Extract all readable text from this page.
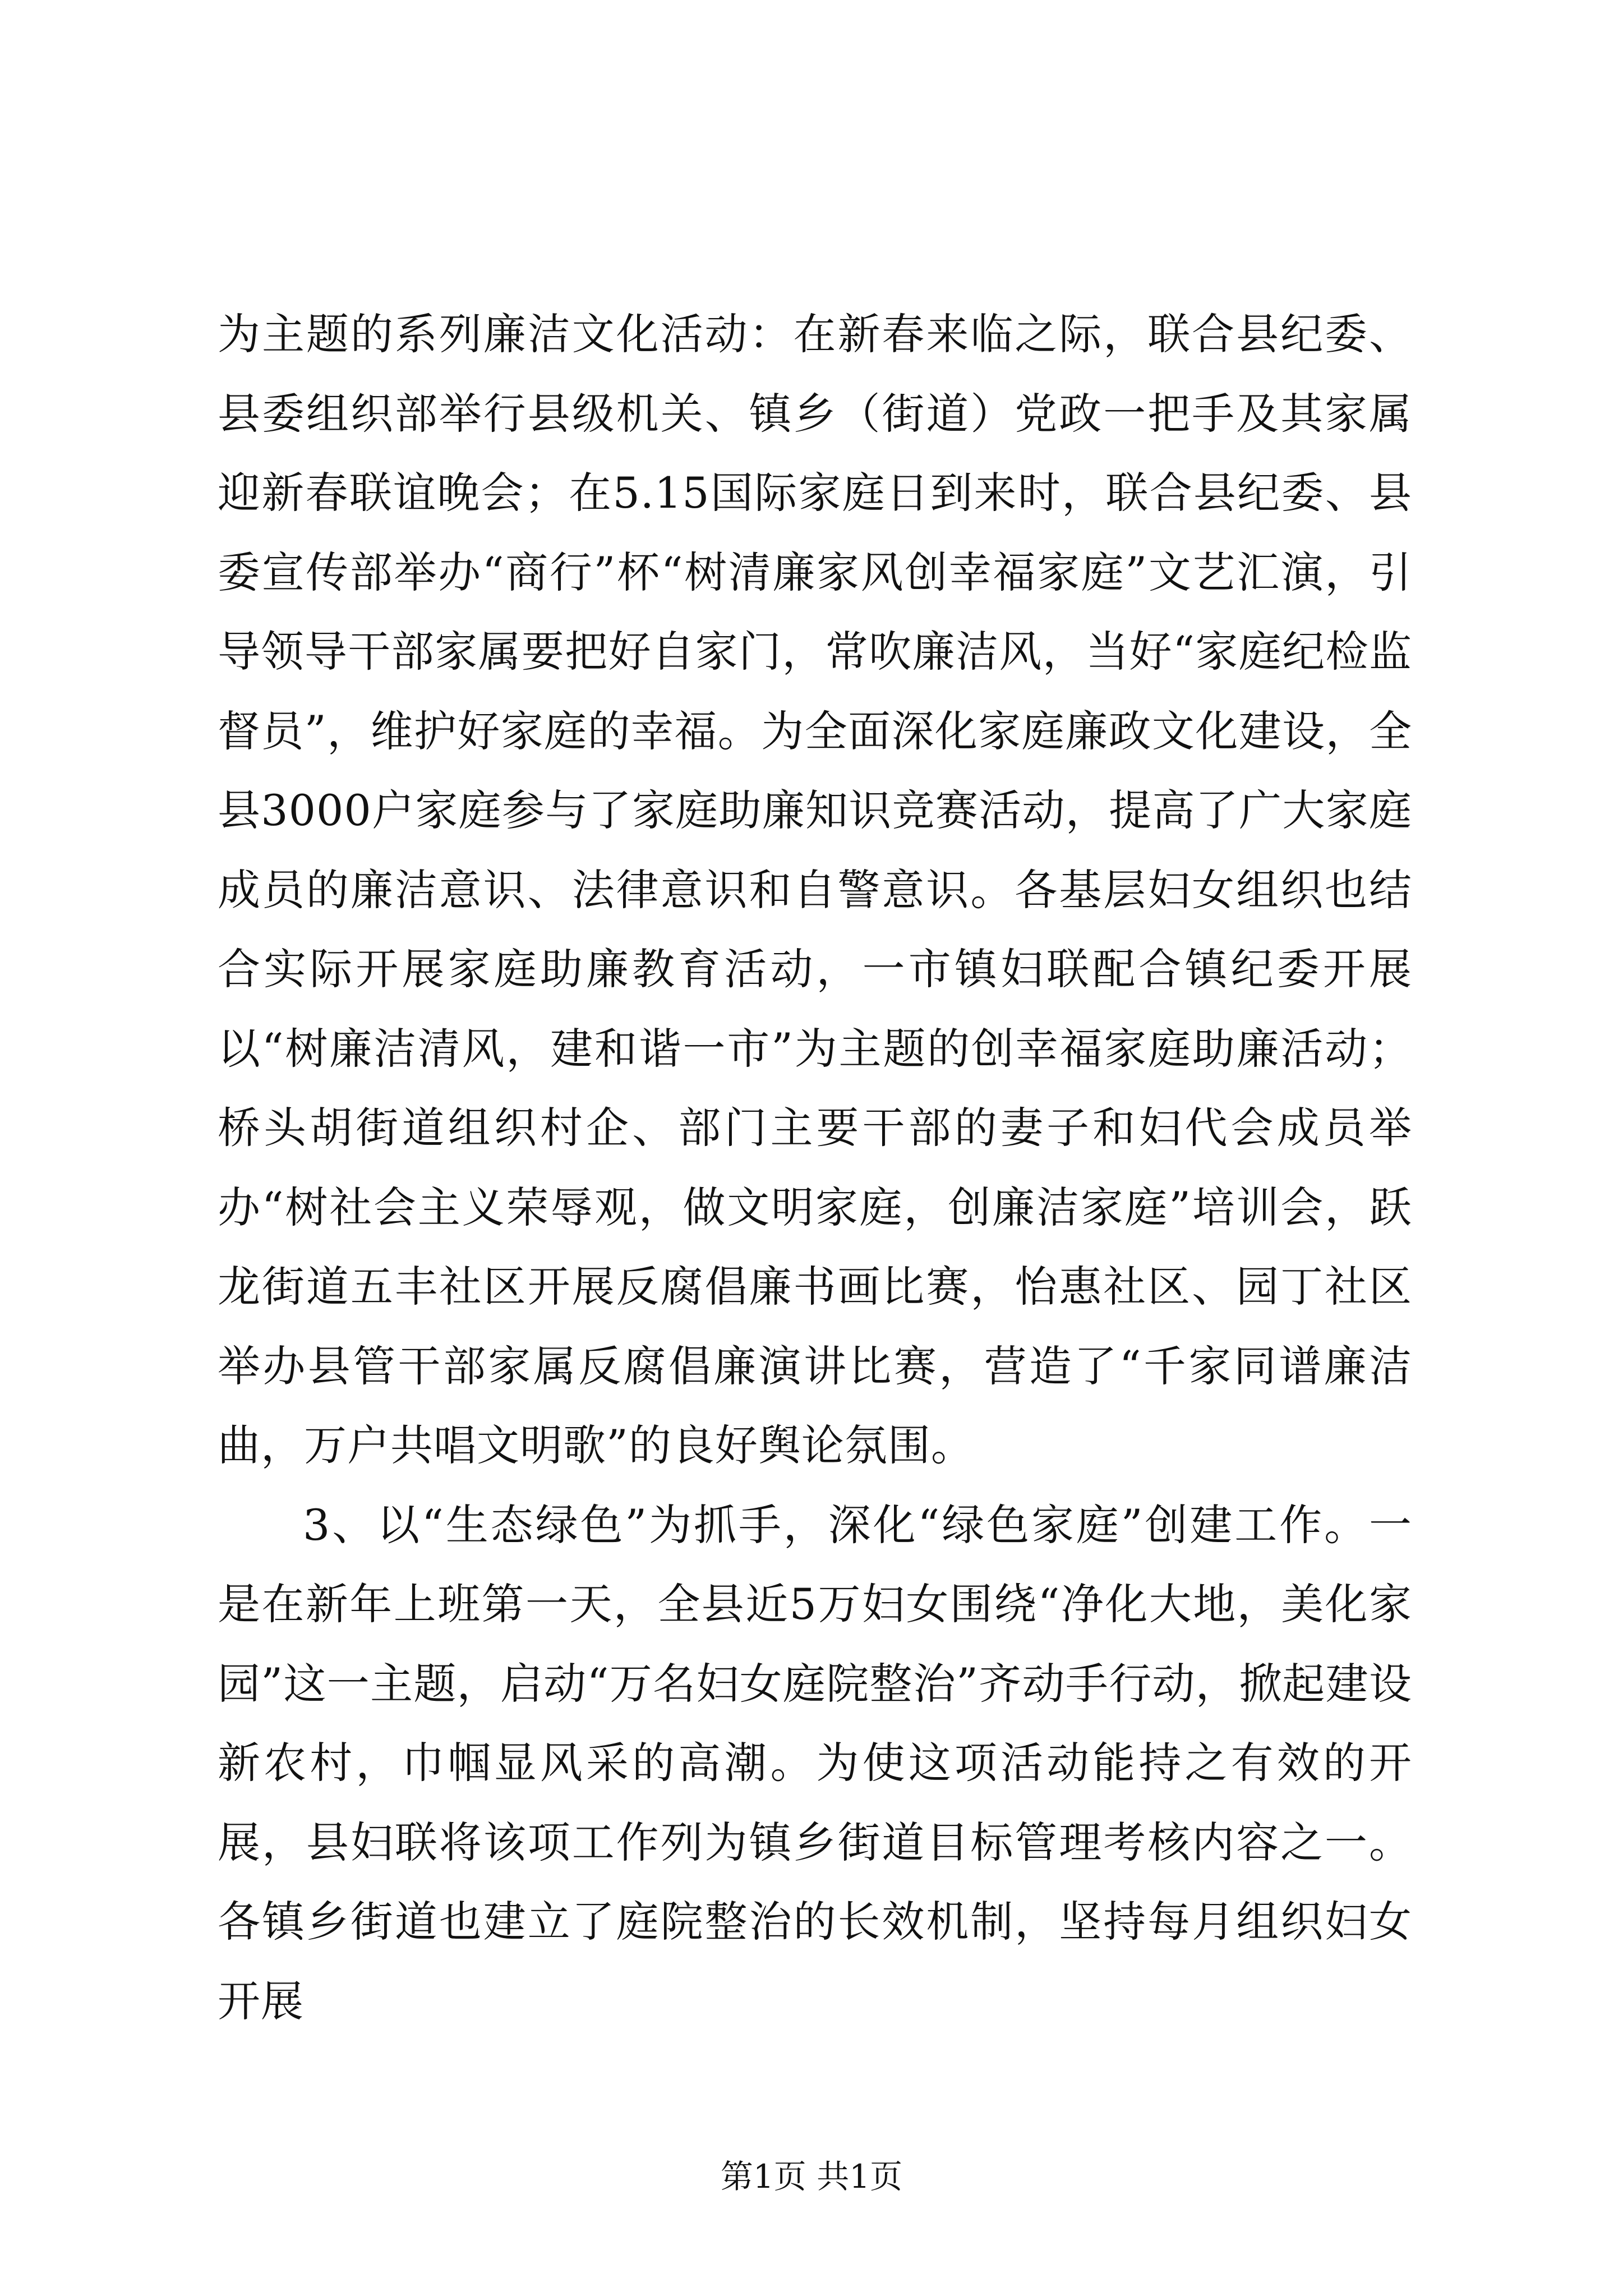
为主题的系列廉洁文化活动：在新春来临之际，联合县纪委、县委组织部举行县级机关、镇乡（街道）党政一把手及其家属迎新春联谊晚会；在5.15国际家庭日到来时，联合县纪委、县委宣传部举办“商行”杯“树清廉家风创幸福家庭”文艺汇演，引导领导干部家属要把好自家门，常吹廉洁风，当好“家庭纪检监督员”，维护好家庭的幸福。为全面深化家庭廉政文化建设，全县3000户家庭参与了家庭助廉知识竞赛活动，提高了广大家庭成员的廉洁意识、法律意识和自警意识。各基层妇女组织也结合实际开展家庭助廉教育活动，一市镇妇联配合镇纪委开展以“树廉洁清风，建和谐一市”为主题的创幸福家庭助廉活动；桥头胡街道组织村企、部门主要干部的妻子和妇代会成员举办“树社会主义荣辱观，做文明家庭，创廉洁家庭”培训会，跃龙街道五丰社区开展反腐倡廉书画比赛，怡惠社区、园丁社区举办县管干部家属反腐倡廉演讲比赛，营造了“千家同谱廉洁曲，万户共唱文明歌”的良好舆论氛围。

3、以“生态绿色”为抓手，深化“绿色家庭”创建工作。一是在新年上班第一天，全县近5万妇女围绕“净化大地，美化家园”这一主题，启动“万名妇女庭院整治”齐动手行动，掀起建设新农村，巾帼显风采的高潮。为使这项活动能持之有效的开展，县妇联将该项工作列为镇乡街道目标管理考核内容之一。各镇乡街道也建立了庭院整治的长效机制，坚持每月组织妇女开展

第1页 共1页
